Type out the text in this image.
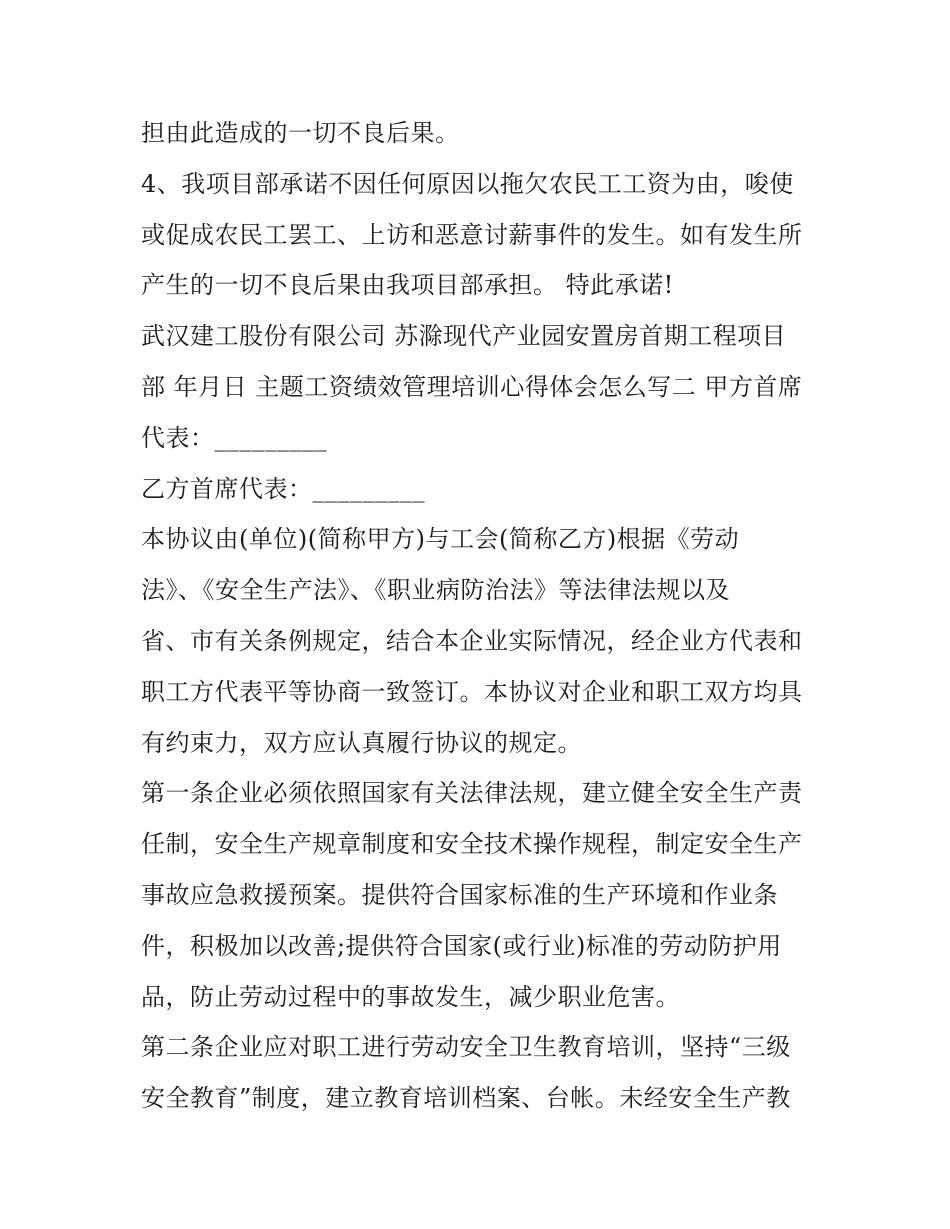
担由此造成的一切不良后果。
4、我项目部承诺不因任何原因以拖欠农民工工资为由，唆使
或促成农民工罢工、上访和恶意讨薪事件的发生。如有发生所
产生的一切不良后果由我项目部承担。 特此承诺!
武汉建工股份有限公司 苏滁现代产业园安置房首期工程项目
部 年月日 主题工资绩效管理培训心得体会怎么写二 甲方首席
代表：_________
乙方首席代表：_________
本协议由(单位)(简称甲方)与工会(简称乙方)根据《劳动
法》、《安全生产法》、《职业病防治法》等法律法规以及
省、市有关条例规定，结合本企业实际情况，经企业方代表和
职工方代表平等协商一致签订。本协议对企业和职工双方均具
有约束力，双方应认真履行协议的规定。
第一条企业必须依照国家有关法律法规，建立健全安全生产责
任制，安全生产规章制度和安全技术操作规程，制定安全生产
事故应急救援预案。提供符合国家标准的生产环境和作业条
件，积极加以改善;提供符合国家(或行业)标准的劳动防护用
品，防止劳动过程中的事故发生，减少职业危害。
第二条企业应对职工进行劳动安全卫生教育培训，坚持“三级
安全教育”制度，建立教育培训档案、台帐。未经安全生产教
